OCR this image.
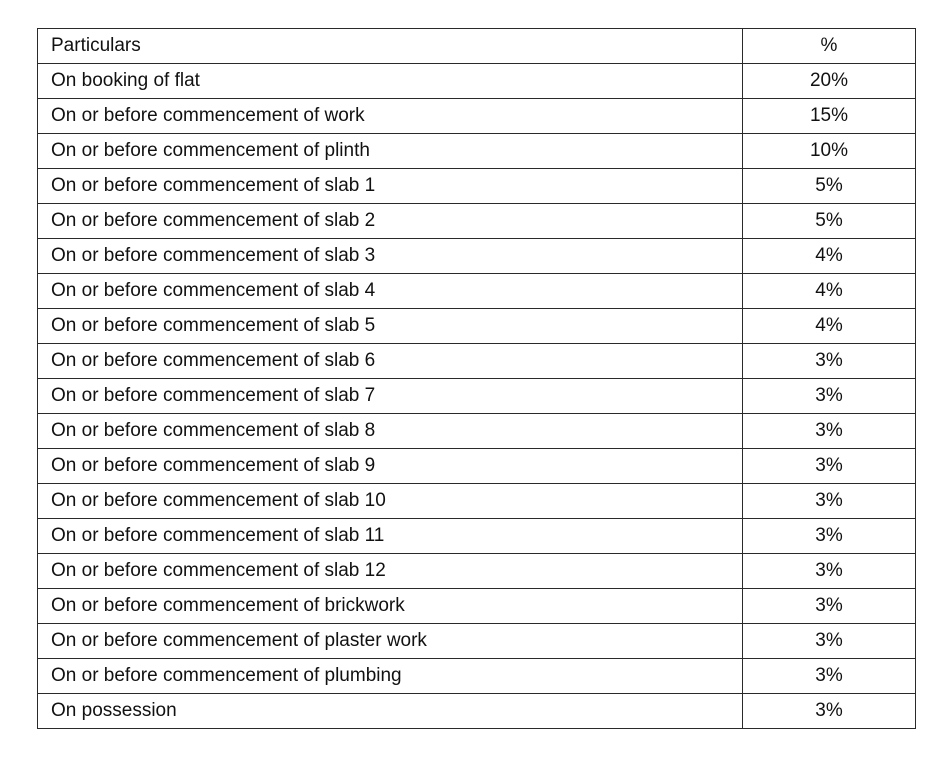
Particulars	%
On booking of flat	20%
On or before commencement of work	15%
On or before commencement of plinth	10%
On or before commencement of slab 1	5%
On or before commencement of slab 2	5%
On or before commencement of slab 3	4%
On or before commencement of slab 4	4%
On or before commencement of slab 5	4%
On or before commencement of slab 6	3%
On or before commencement of slab 7	3%
On or before commencement of slab 8	3%
On or before commencement of slab 9	3%
On or before commencement of slab 10	3%
On or before commencement of slab 11	3%
On or before commencement of slab 12	3%
On or before commencement of brickwork	3%
On or before commencement of plaster work	3%
On or before commencement of plumbing	3%
On possession	3%
